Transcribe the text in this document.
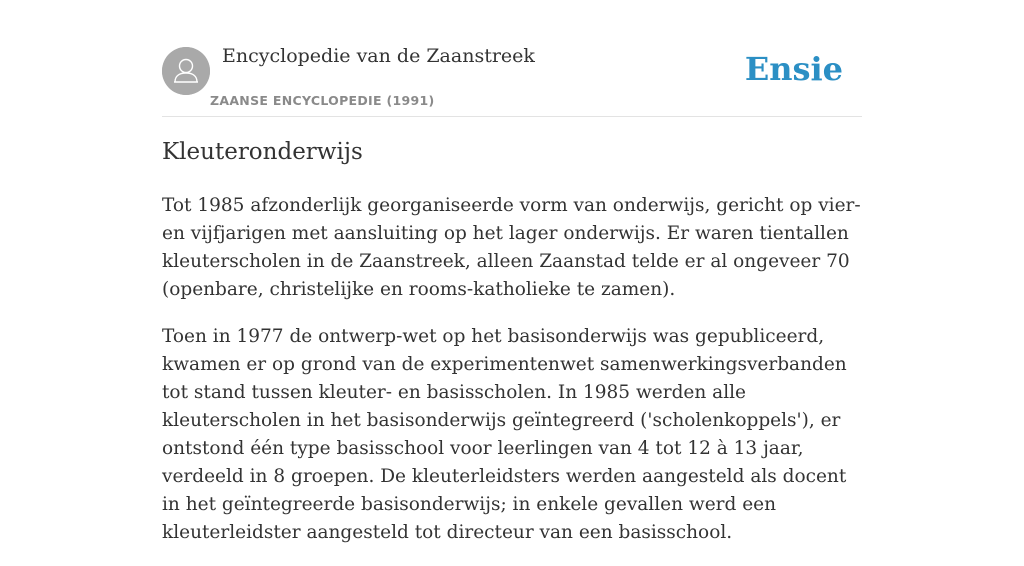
Encyclopedie van de Zaanstreek
ZAANSE ENCYCLOPEDIE (1991)
Ensie
Kleuteronderwijs

Tot 1985 afzonderlijk georganiseerde vorm van onderwijs, gericht op vier- en vijfjarigen met aansluiting op het lager onderwijs. Er waren tientallen kleuterscholen in de Zaanstreek, alleen Zaanstad telde er al ongeveer 70 (openbare, christelijke en rooms-katholieke te zamen).

Toen in 1977 de ontwerp-wet op het basisonderwijs was gepubliceerd, kwamen er op grond van de experimentenwet samenwerkingsverbanden tot stand tussen kleuter- en basisscholen. In 1985 werden alle kleuterscholen in het basisonderwijs geïntegreerd ('scholenkoppels'), er ontstond één type basisschool voor leerlingen van 4 tot 12 à 13 jaar, verdeeld in 8 groepen. De kleuterleidsters werden aangesteld als docent in het geïntegreerde basisonderwijs; in enkele gevallen werd een kleuterleidster aangesteld tot directeur van een basisschool.
